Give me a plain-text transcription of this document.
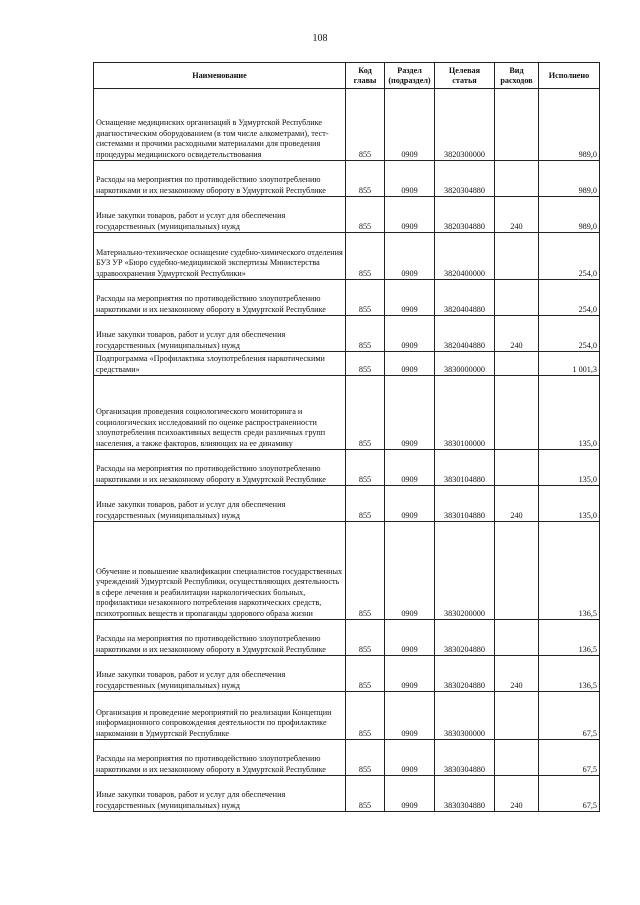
108
Наименование	Код главы	Раздел (подраздел)	Целевая статья	Вид расходов	Исполнено
Оснащение медицинских организаций в Удмуртской Республике диагностическим оборудованием (в том числе алкометрами), тест-системами и прочими расходными материалами для проведения процедуры медицинского освидетельствования	855	0909	3820300000		989,0
Расходы на мероприятия по противодействию злоупотреблению наркотиками и их незаконному обороту в Удмуртской Республике	855	0909	3820304880		989,0
Иные закупки товаров, работ и услуг для обеспечения государственных (муниципальных) нужд	855	0909	3820304880	240	989,0
Материально-техническое оснащение судебно-химического отделения БУЗ УР «Бюро судебно-медицинской экспертизы Министерства здравоохранения Удмуртской Республики»	855	0909	3820400000		254,0
Расходы на мероприятия по противодействию злоупотреблению наркотиками и их незаконному обороту в Удмуртской Республике	855	0909	3820404880		254,0
Иные закупки товаров, работ и услуг для обеспечения государственных (муниципальных) нужд	855	0909	3820404880	240	254,0
Подпрограмма «Профилактика злоупотребления наркотическими средствами»	855	0909	3830000000		1 001,3
Организация проведения социологического мониторинга и социологических исследований по оценке распространенности злоупотребления психоактивных веществ среди различных групп населения, а также факторов, влияющих на ее динамику	855	0909	3830100000		135,0
Расходы на мероприятия по противодействию злоупотреблению наркотиками и их незаконному обороту в Удмуртской Республике	855	0909	3830104880		135,0
Иные закупки товаров, работ и услуг для обеспечения государственных (муниципальных) нужд	855	0909	3830104880	240	135,0
Обучение и повышение квалификации специалистов государственных учреждений Удмуртской Республики, осуществляющих деятельность в сфере лечения и реабилитации наркологических больных, профилактики незаконного потребления наркотических средств, психотропных веществ и пропаганды здорового образа жизни	855	0909	3830200000		136,5
Расходы на мероприятия по противодействию злоупотреблению наркотиками и их незаконному обороту в Удмуртской Республике	855	0909	3830204880		136,5
Иные закупки товаров, работ и услуг для обеспечения государственных (муниципальных) нужд	855	0909	3830204880	240	136,5
Организация и проведение мероприятий по реализации Концепции информационного сопровождения деятельности по профилактике наркомании в Удмуртской Республике	855	0909	3830300000		67,5
Расходы на мероприятия по противодействию злоупотреблению наркотиками и их незаконному обороту в Удмуртской Республике	855	0909	3830304880		67,5
Иные закупки товаров, работ и услуг для обеспечения государственных (муниципальных) нужд	855	0909	3830304880	240	67,5
